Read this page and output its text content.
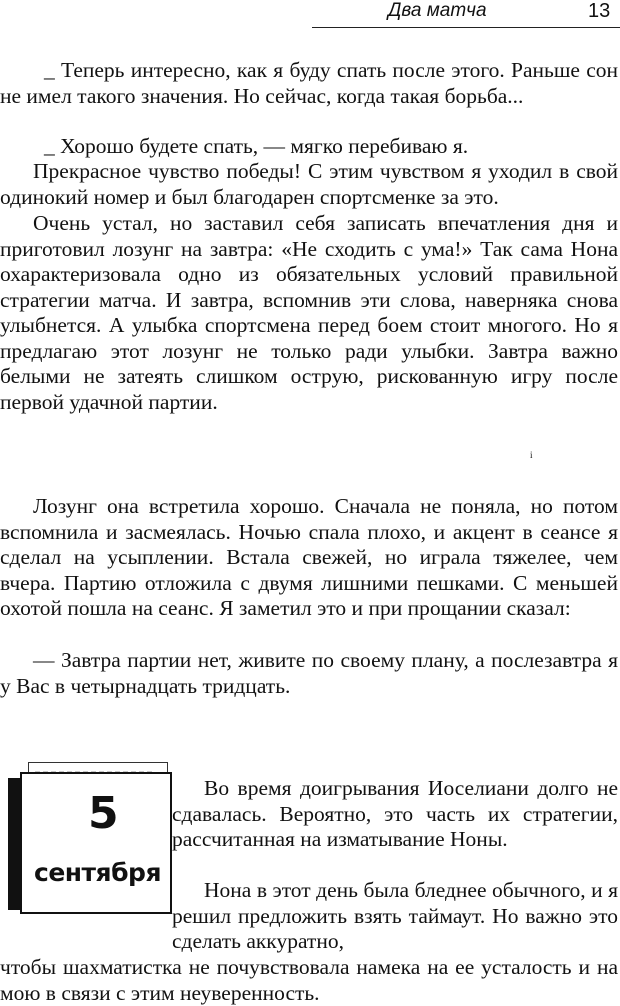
Два матча	13

_ Теперь интересно, как я буду спать после этого. Раньше сон не имел такого значения. Но сейчас, когда такая борьба...

_ Хорошо будете спать, — мягко перебиваю я.

Прекрасное чувство победы! С этим чувством я уходил в свой одинокий номер и был благодарен спортсменке за это.

Очень устал, но заставил себя записать впечатления дня и приготовил лозунг на завтра: «Не сходить с ума!» Так сама Нона охарактеризовала одно из обязательных условий правильной стратегии матча. И завтра, вспомнив эти слова, наверняка снова улыбнется. А улыбка спортсмена перед боем стоит многого. Но я предлагаю этот лозунг не только ради улыбки. Завтра важно белыми не затеять слишком острую, рискованную игру после первой удачной партии.

i

Лозунг она встретила хорошо. Сначала не поняла, но потом вспомнила и засмеялась. Ночью спала плохо, и акцент в сеансе я сделал на усыплении. Встала свежей, но играла тяжелее, чем вчера. Партию отложила с двумя лишними пешками. С меньшей охотой пошла на сеанс. Я заметил это и при прощании сказал:

— Завтра партии нет, живите по своему плану, а послезавтра я у Вас в четырнадцать тридцать.

5
сентября

Во время доигрывания Иоселиани долго не сдавалась. Вероятно, это часть их стратегии, рассчитанная на изматывание Ноны.

Нона в этот день была бледнее обычного, и я решил предложить взять таймаут. Но важно это сделать аккуратно,

чтобы шахматистка не почувствовала намека на ее усталость и на мою в связи с этим неуверенность.
